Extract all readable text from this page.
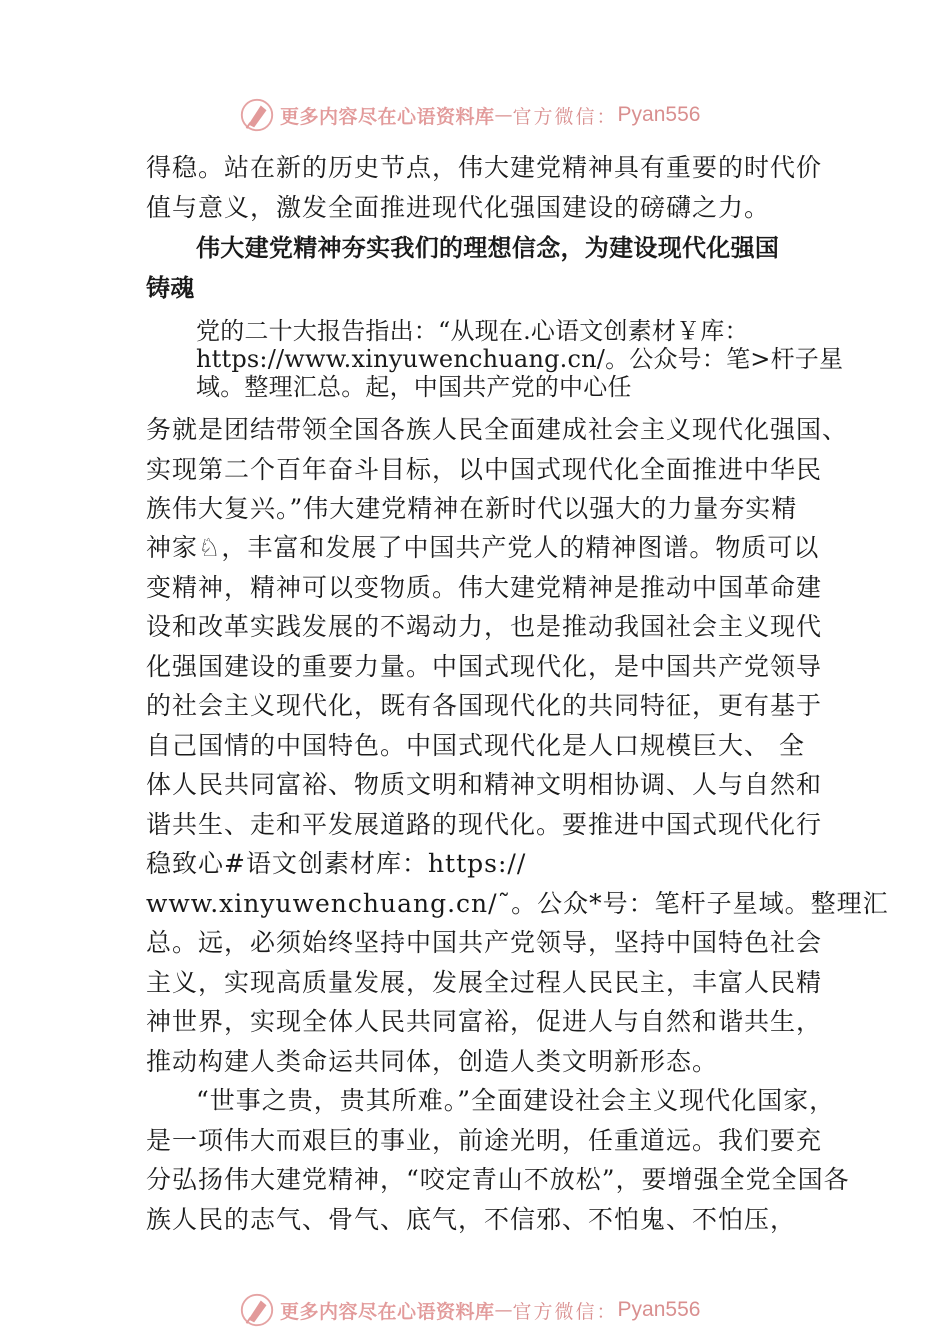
更多内容尽在心语资料库 — 官方微信： Pyan556
得稳。站在新的历史节点，伟大建党精神具有重要的时代价
值与意义，激发全面推进现代化强国建设的磅礴之力。
伟大建党精神夯实我们的理想信念，为建设现代化强国
铸魂
党的二十大报告指出：“从现在.心语文创素材￥库：
https://www.xinyuwenchuang.cn/。公众号：笔>杆子星
域。整理汇总。起，中国共产党的中心任
务就是团结带领全国各族人民全面建成社会主义现代化强国、
实现第二个百年奋斗目标，以中国式现代化全面推进中华民
族伟大复兴。”伟大建党精神在新时代以强大的力量夯实精
神家♘，丰富和发展了中国共产党人的精神图谱。物质可以
变精神，精神可以变物质。伟大建党精神是推动中国革命建
设和改革实践发展的不竭动力，也是推动我国社会主义现代
化强国建设的重要力量。中国式现代化，是中国共产党领导
的社会主义现代化，既有各国现代化的共同特征，更有基于
自己国情的中国特色。中国式现代化是人口规模巨大、 全
体人民共同富裕、物质文明和精神文明相协调、人与自然和
谐共生、走和平发展道路的现代化。要推进中国式现代化行
稳致心#语文创素材库：https://
www.xinyuwenchuang.cn/˜。公众*号：笔杆子星域。整理汇
总。远，必须始终坚持中国共产党领导，坚持中国特色社会
主义，实现高质量发展，发展全过程人民民主，丰富人民精
神世界，实现全体人民共同富裕，促进人与自然和谐共生，
推动构建人类命运共同体，创造人类文明新形态。
“世事之贵，贵其所难。”全面建设社会主义现代化国家，
是一项伟大而艰巨的事业，前途光明，任重道远。我们要充
分弘扬伟大建党精神，“咬定青山不放松”，要增强全党全国各
族人民的志气、骨气、底气，不信邪、不怕鬼、不怕压，
更多内容尽在心语资料库 — 官方微信： Pyan556
